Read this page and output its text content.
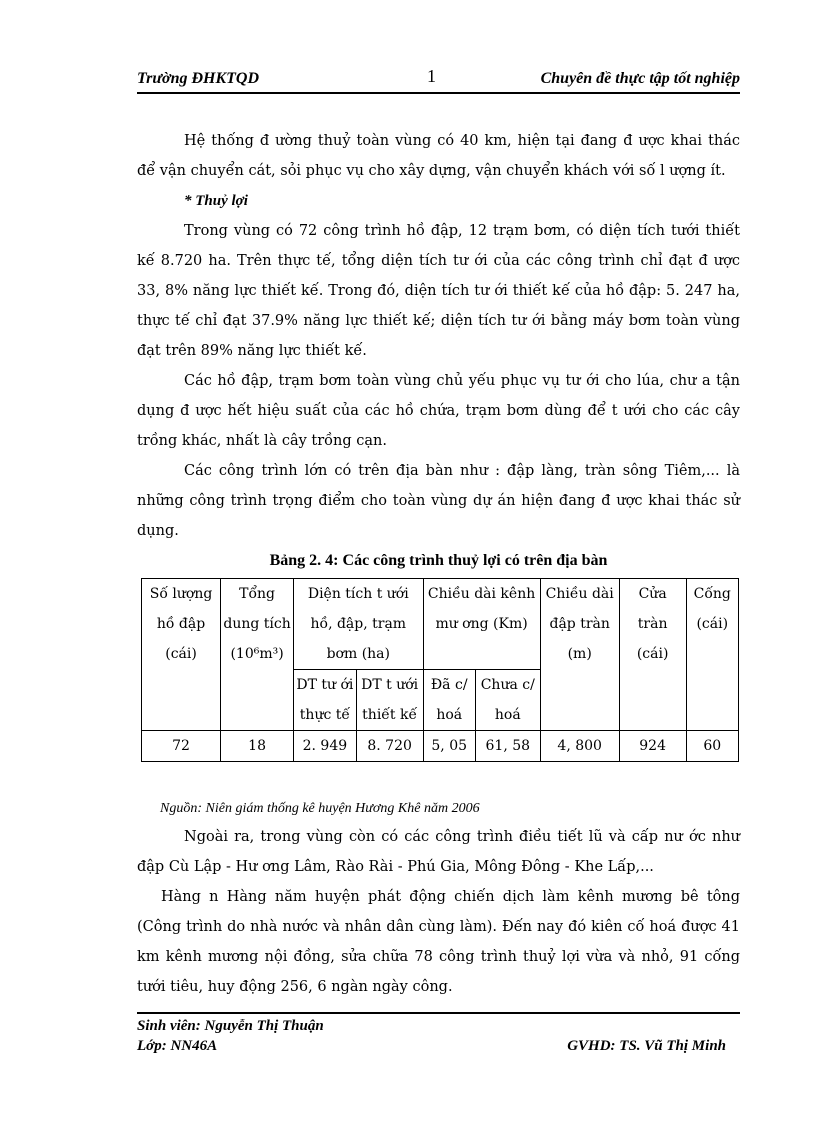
Trường ĐHKTQD	1	Chuyên đề thực tập tốt nghiệp

Hệ thống đ ường thuỷ toàn vùng có 40 km, hiện tại đang đ ược khai thác để vận chuyển cát, sỏi phục vụ cho xây dựng, vận chuyển khách với số l ượng ít.

* Thuỷ lợi

Trong vùng có 72 công trình hồ đập, 12 trạm bơm, có diện tích tưới thiết kế 8.720 ha. Trên thực tế, tổng diện tích tư ới của các công trình chỉ đạt đ ược 33, 8% năng lực thiết kế. Trong đó, diện tích tư ới thiết kế của hồ đập: 5. 247 ha, thực tế chỉ đạt 37.9% năng lực thiết kế; diện tích tư ới bằng máy bơm toàn vùng đạt trên 89% năng lực thiết kế.

Các hồ đập, trạm bơm toàn vùng chủ yếu phục vụ tư ới cho lúa, chư a tận dụng đ ược hết hiệu suất của các hồ chứa, trạm bơm dùng để t ưới cho các cây trồng khác, nhất là cây trồng cạn.

Các công trình lớn có trên địa bàn như : đập làng, tràn sông Tiêm,... là những công trình trọng điểm cho toàn vùng dự án hiện đang đ ược khai thác sử dụng.

Bảng 2. 4: Các công trình thuỷ lợi có trên địa bàn
Số lượng hồ đập (cái)	Tổng dung tích (10⁶m³)	Diện tích t ưới hồ, đập, trạm bơm (ha)		Chiều dài kênh mư ơng (Km)		Chiều dài đập tràn (m)	Cửa tràn (cái)	Cống (cái)
		DT tư ới thực tế	DT t ưới thiết kế	Đã c/ hoá	Chưa c/ hoá			
72	18	2. 949	8. 720	5, 05	61, 58	4, 800	924	60
Nguồn: Niên giám thống kê huyện Hương Khê năm 2006

Ngoài ra, trong vùng còn có các công trình điều tiết lũ và cấp nư ớc như đập Cù Lập - Hư ơng Lâm, Rào Rài - Phú Gia, Mông Đông - Khe Lấp,...

Hàng n Hàng năm huyện phát động chiến dịch làm kênh mương bê tông (Công trình do nhà nước và nhân dân cùng làm). Đến nay đó kiên cố hoá được 41 km kênh mương nội đồng, sửa chữa 78 công trình thuỷ lợi vừa và nhỏ, 91 cống tưới tiêu, huy động 256, 6 ngàn ngày công.

Sinh viên: Nguyễn Thị Thuận
Lớp: NN46A	GVHD: TS. Vũ Thị Minh
